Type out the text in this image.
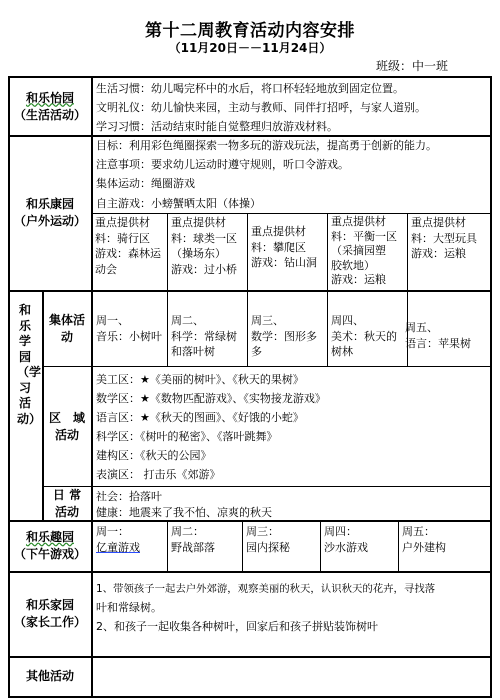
第十二周教育活动内容安排
（11月20日－－11月24日）
班级：中一班
和乐怡园
（生活活动）
生活习惯：幼儿喝完杯中的水后，将口杯轻轻地放到固定位置。
文明礼仪：幼儿愉快来园，主动与教师、同伴打招呼，与家人道别。
学习习惯：活动结束时能自觉整理归放游戏材料。
和乐康园
（户外运动）
目标：利用彩色绳圈探索一物多玩的游戏玩法，提高勇于创新的能力。
注意事项：要求幼儿运动时遵守规则，听口令游戏。
集体运动：绳圈游戏
自主游戏：小螃蟹晒太阳（体操）
重点提供材
料：骑行区
游戏：森林运
动会
重点提供材
料：球类一区
（操场东）
游戏：过小桥
重点提供材
料：攀爬区
游戏：钻山洞
重点提供材
料：平衡一区
（采摘园塑
胶软地）
游戏：运粮
重点提供材
料：大型玩具
游戏：运粮
和乐学园（学习活动）
集体活
动
周一、
音乐：小树叶
周二、
科学：常绿树
和落叶树
周三、
数学：图形多
多
周四、
美术：秋天的
树林
周五、
语言：苹果树
区　域
活动
美工区：★《美丽的树叶》、《秋天的果树》
数学区：★《数物匹配游戏》、《实物接龙游戏》
语言区：★《秋天的图画》、《好饿的小蛇》
科学区：《树叶的秘密》、《落叶跳舞》
建构区：《秋天的公园》
表演区： 打击乐《郊游》
日 常
活动
社会：拾落叶
健康：地震来了我不怕、凉爽的秋天
和乐趣园
（下午游戏）
周一：
亿童游戏
周二：
野战部落
周三：
园内探秘
周四：
沙水游戏
周五：
户外建构
和乐家园
（家长工作）
1、带领孩子一起去户外郊游，观察美丽的秋天，认识秋天的花卉，寻找落
叶和常绿树。
2、和孩子一起收集各种树叶，回家后和孩子拼贴装饰树叶
其他活动
